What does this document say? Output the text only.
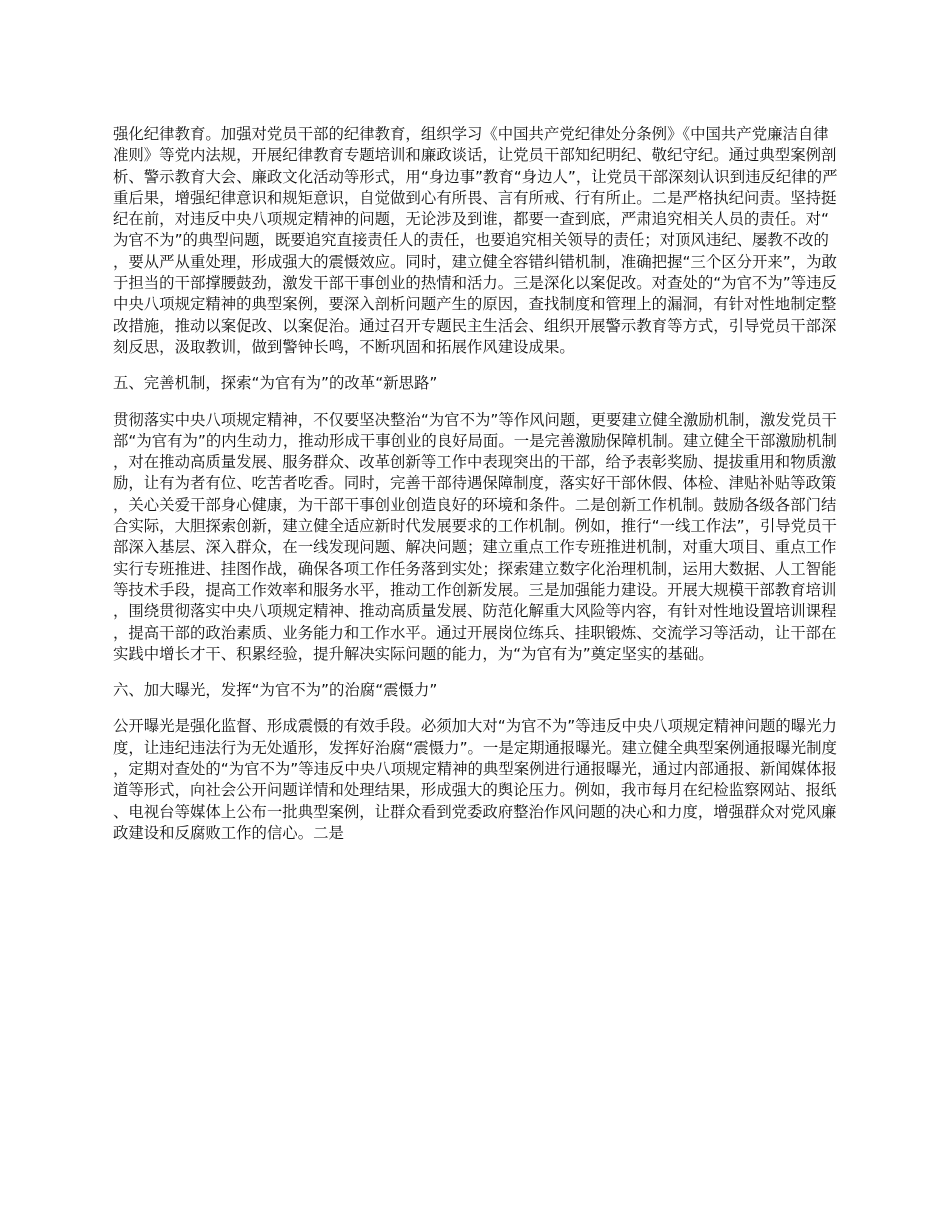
强化纪律教育。加强对党员干部的纪律教育，组织学习《中国共产党纪律处分条例》《中国共产党廉洁自律准则》等党内法规，开展纪律教育专题培训和廉政谈话，让党员干部知纪明纪、敬纪守纪。通过典型案例剖析、警示教育大会、廉政文化活动等形式，用“身边事”教育“身边人”，让党员干部深刻认识到违反纪律的严重后果，增强纪律意识和规矩意识，自觉做到心有所畏、言有所戒、行有所止。二是严格执纪问责。坚持挺纪在前，对违反中央八项规定精神的问题，无论涉及到谁，都要一查到底，严肃追究相关人员的责任。对“为官不为”的典型问题，既要追究直接责任人的责任，也要追究相关领导的责任；对顶风违纪、屡教不改的，要从严从重处理，形成强大的震慑效应。同时，建立健全容错纠错机制，准确把握“三个区分开来”，为敢于担当的干部撑腰鼓劲，激发干部干事创业的热情和活力。三是深化以案促改。对查处的“为官不为”等违反中央八项规定精神的典型案例，要深入剖析问题产生的原因，查找制度和管理上的漏洞，有针对性地制定整改措施，推动以案促改、以案促治。通过召开专题民主生活会、组织开展警示教育等方式，引导党员干部深刻反思，汲取教训，做到警钟长鸣，不断巩固和拓展作风建设成果。

五、完善机制，探索“为官有为”的改革“新思路”

贯彻落实中央八项规定精神，不仅要坚决整治“为官不为”等作风问题，更要建立健全激励机制，激发党员干部“为官有为”的内生动力，推动形成干事创业的良好局面。一是完善激励保障机制。建立健全干部激励机制，对在推动高质量发展、服务群众、改革创新等工作中表现突出的干部，给予表彰奖励、提拔重用和物质激励，让有为者有位、吃苦者吃香。同时，完善干部待遇保障制度，落实好干部休假、体检、津贴补贴等政策，关心关爱干部身心健康，为干部干事创业创造良好的环境和条件。二是创新工作机制。鼓励各级各部门结合实际，大胆探索创新，建立健全适应新时代发展要求的工作机制。例如，推行“一线工作法”，引导党员干部深入基层、深入群众，在一线发现问题、解决问题；建立重点工作专班推进机制，对重大项目、重点工作实行专班推进、挂图作战，确保各项工作任务落到实处；探索建立数字化治理机制，运用大数据、人工智能等技术手段，提高工作效率和服务水平，推动工作创新发展。三是加强能力建设。开展大规模干部教育培训，围绕贯彻落实中央八项规定精神、推动高质量发展、防范化解重大风险等内容，有针对性地设置培训课程，提高干部的政治素质、业务能力和工作水平。通过开展岗位练兵、挂职锻炼、交流学习等活动，让干部在实践中增长才干、积累经验，提升解决实际问题的能力，为“为官有为”奠定坚实的基础。

六、加大曝光，发挥“为官不为”的治腐“震慑力”

公开曝光是强化监督、形成震慑的有效手段。必须加大对“为官不为”等违反中央八项规定精神问题的曝光力度，让违纪违法行为无处遁形，发挥好治腐“震慑力”。一是定期通报曝光。建立健全典型案例通报曝光制度，定期对查处的“为官不为”等违反中央八项规定精神的典型案例进行通报曝光，通过内部通报、新闻媒体报道等形式，向社会公开问题详情和处理结果，形成强大的舆论压力。例如，我市每月在纪检监察网站、报纸、电视台等媒体上公布一批典型案例，让群众看到党委政府整治作风问题的决心和力度，增强群众对党风廉政建设和反腐败工作的信心。二是
